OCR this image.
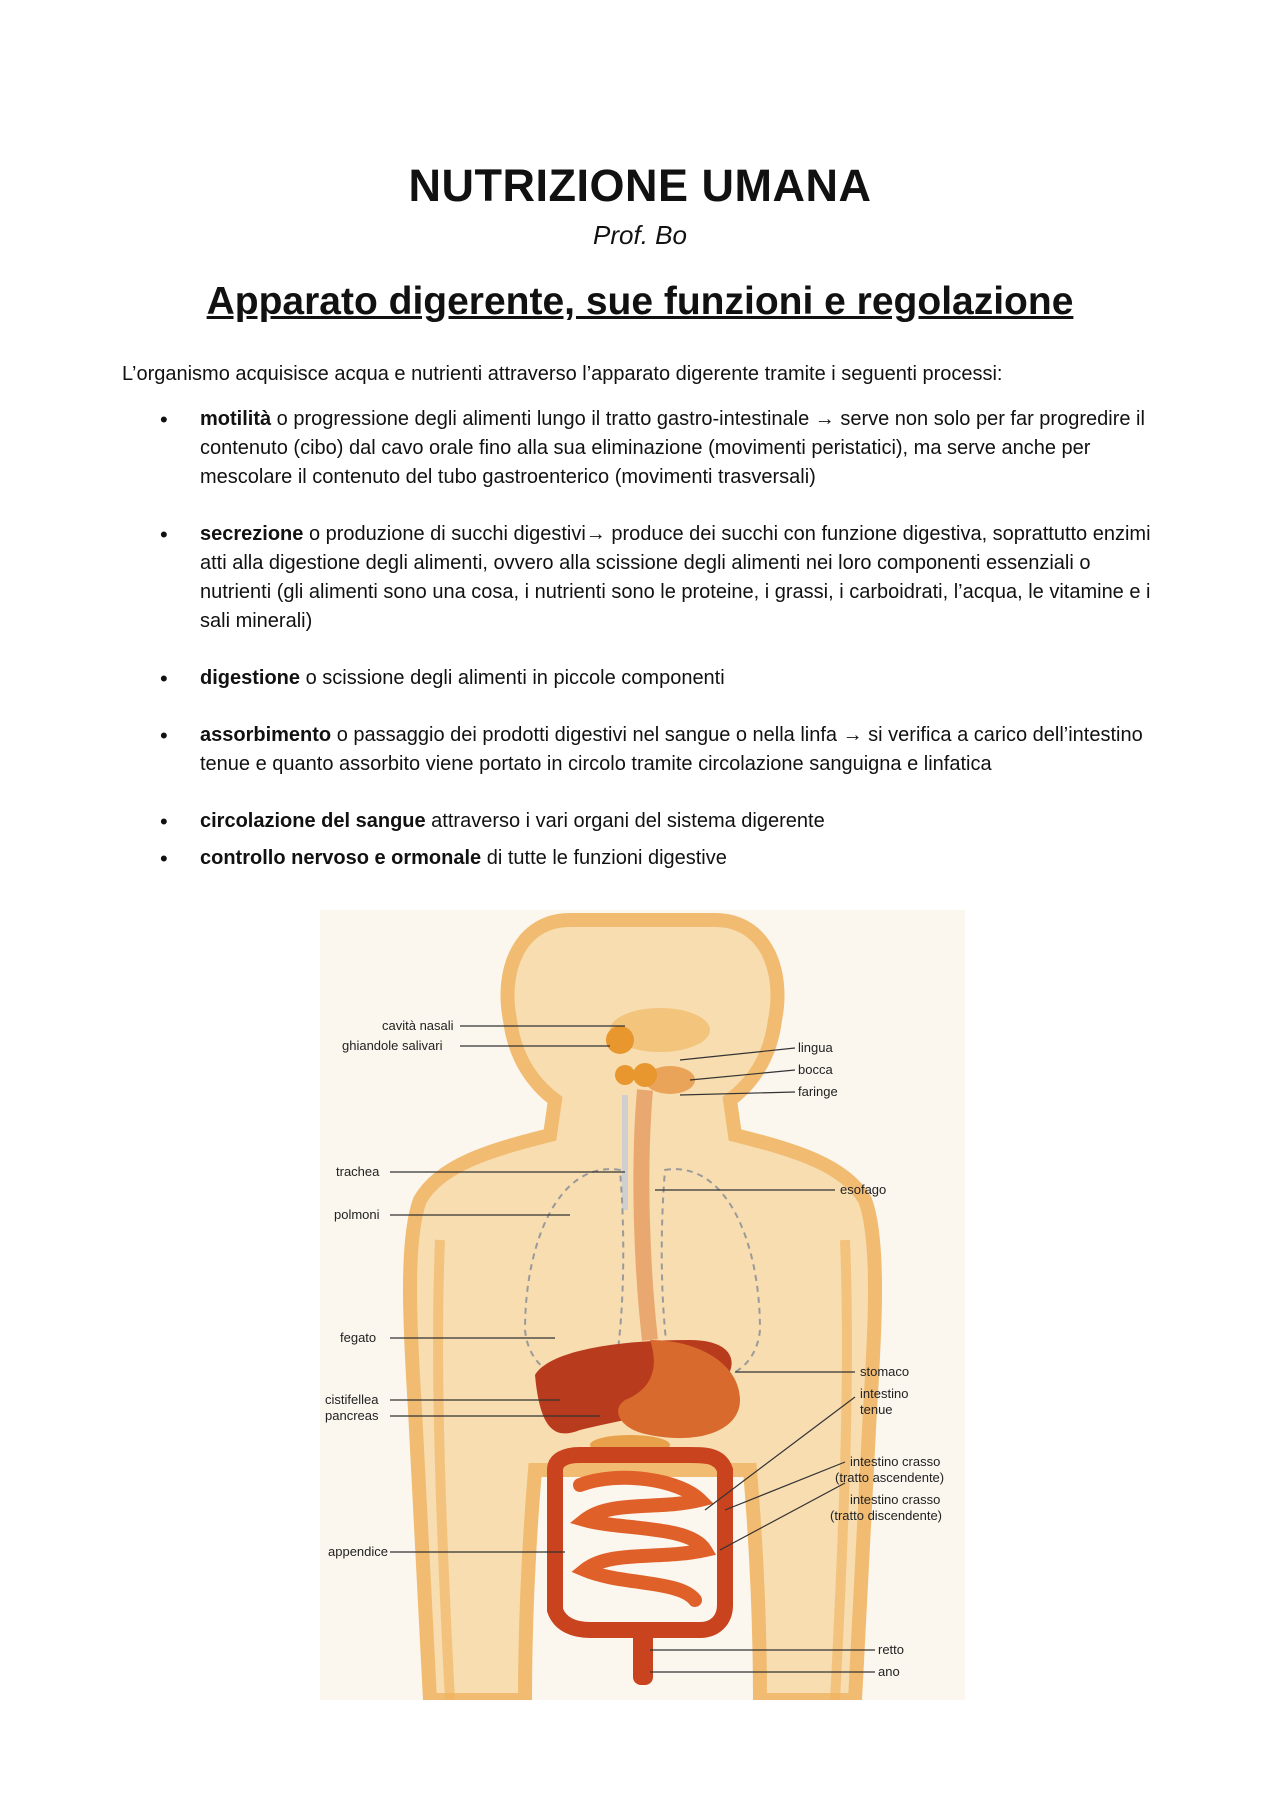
NUTRIZIONE UMANA
Prof. Bo
Apparato digerente, sue funzioni e regolazione
L’organismo acquisisce acqua e nutrienti attraverso l’apparato digerente tramite i seguenti processi:
• motilità o progressione degli alimenti lungo il tratto gastro-intestinale → serve non solo per far progredire il contenuto (cibo) dal cavo orale fino alla sua eliminazione (movimenti peristatici), ma serve anche per mescolare il contenuto del tubo gastroenterico (movimenti trasversali)
• secrezione o produzione di succhi digestivi→ produce dei succhi con funzione digestiva, soprattutto enzimi atti alla digestione degli alimenti, ovvero alla scissione degli alimenti nei loro componenti essenziali o nutrienti (gli alimenti sono una cosa, i nutrienti sono le proteine, i grassi, i carboidrati, l’acqua, le vitamine e i sali minerali)
• digestione o scissione degli alimenti in piccole componenti
• assorbimento o passaggio dei prodotti digestivi nel sangue o nella linfa → si verifica a carico dell’intestino tenue e quanto assorbito viene portato in circolo tramite circolazione sanguigna e linfatica
• circolazione del sangue attraverso i vari organi del sistema digerente
• controllo nervoso e ormonale di tutte le funzioni digestive
cavità nasali
ghiandole salivari
trachea
polmoni
fegato
cistifellea
pancreas
appendice
lingua
bocca
faringe
esofago
stomaco
intestino
tenue
intestino crasso
(tratto ascendente)
intestino crasso
(tratto discendente)
retto
ano
